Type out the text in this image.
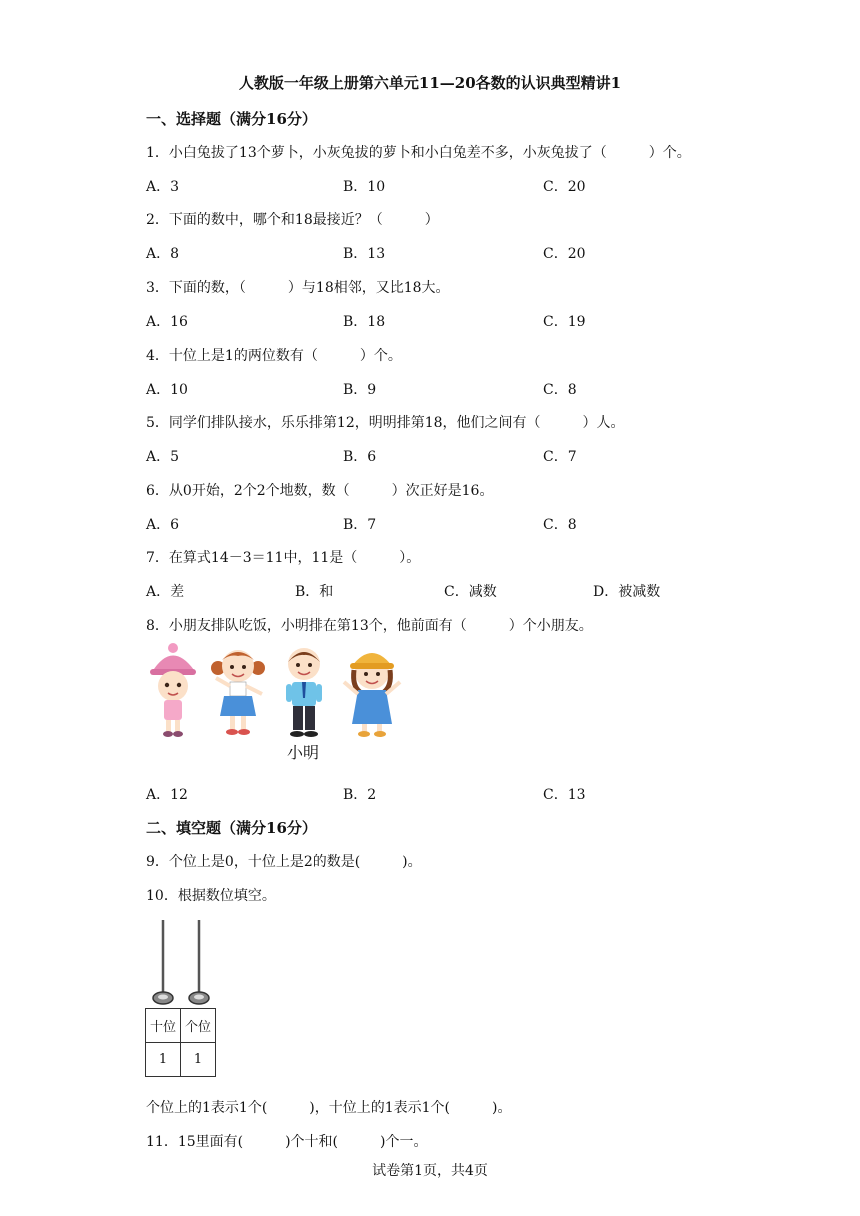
人教版一年级上册第六单元11—20各数的认识典型精讲1
一、选择题（满分16分）
1．小白兔拔了13个萝卜，小灰兔拔的萝卜和小白兔差不多，小灰兔拔了（　　　）个。
A．3	B．10	C．20
2．下面的数中，哪个和18最接近？（　　　）
A．8	B．13	C．20
3．下面的数，（　　　）与18相邻，又比18大。
A．16	B．18	C．19
4．十位上是1的两位数有（　　　）个。
A．10	B．9	C．8
5．同学们排队接水，乐乐排第12，明明排第18，他们之间有（　　　）人。
A．5	B．6	C．7
6．从0开始，2个2个地数，数（　　　）次正好是16。
A．6	B．7	C．8
7．在算式14－3＝11中，11是（　　　）。
A．差	B．和	C．减数	D．被减数
8．小朋友排队吃饭，小明排在第13个，他前面有（　　　）个小朋友。
小明
A．12	B．2	C．13
二、填空题（满分16分）
9．个位上是0，十位上是2的数是(　　　)。
10．根据数位填空。
十位	个位
1	1
个位上的1表示1个(　　　)，十位上的1表示1个(　　　)。
11．15里面有(　　　)个十和(　　　)个一。
试卷第1页，共4页
